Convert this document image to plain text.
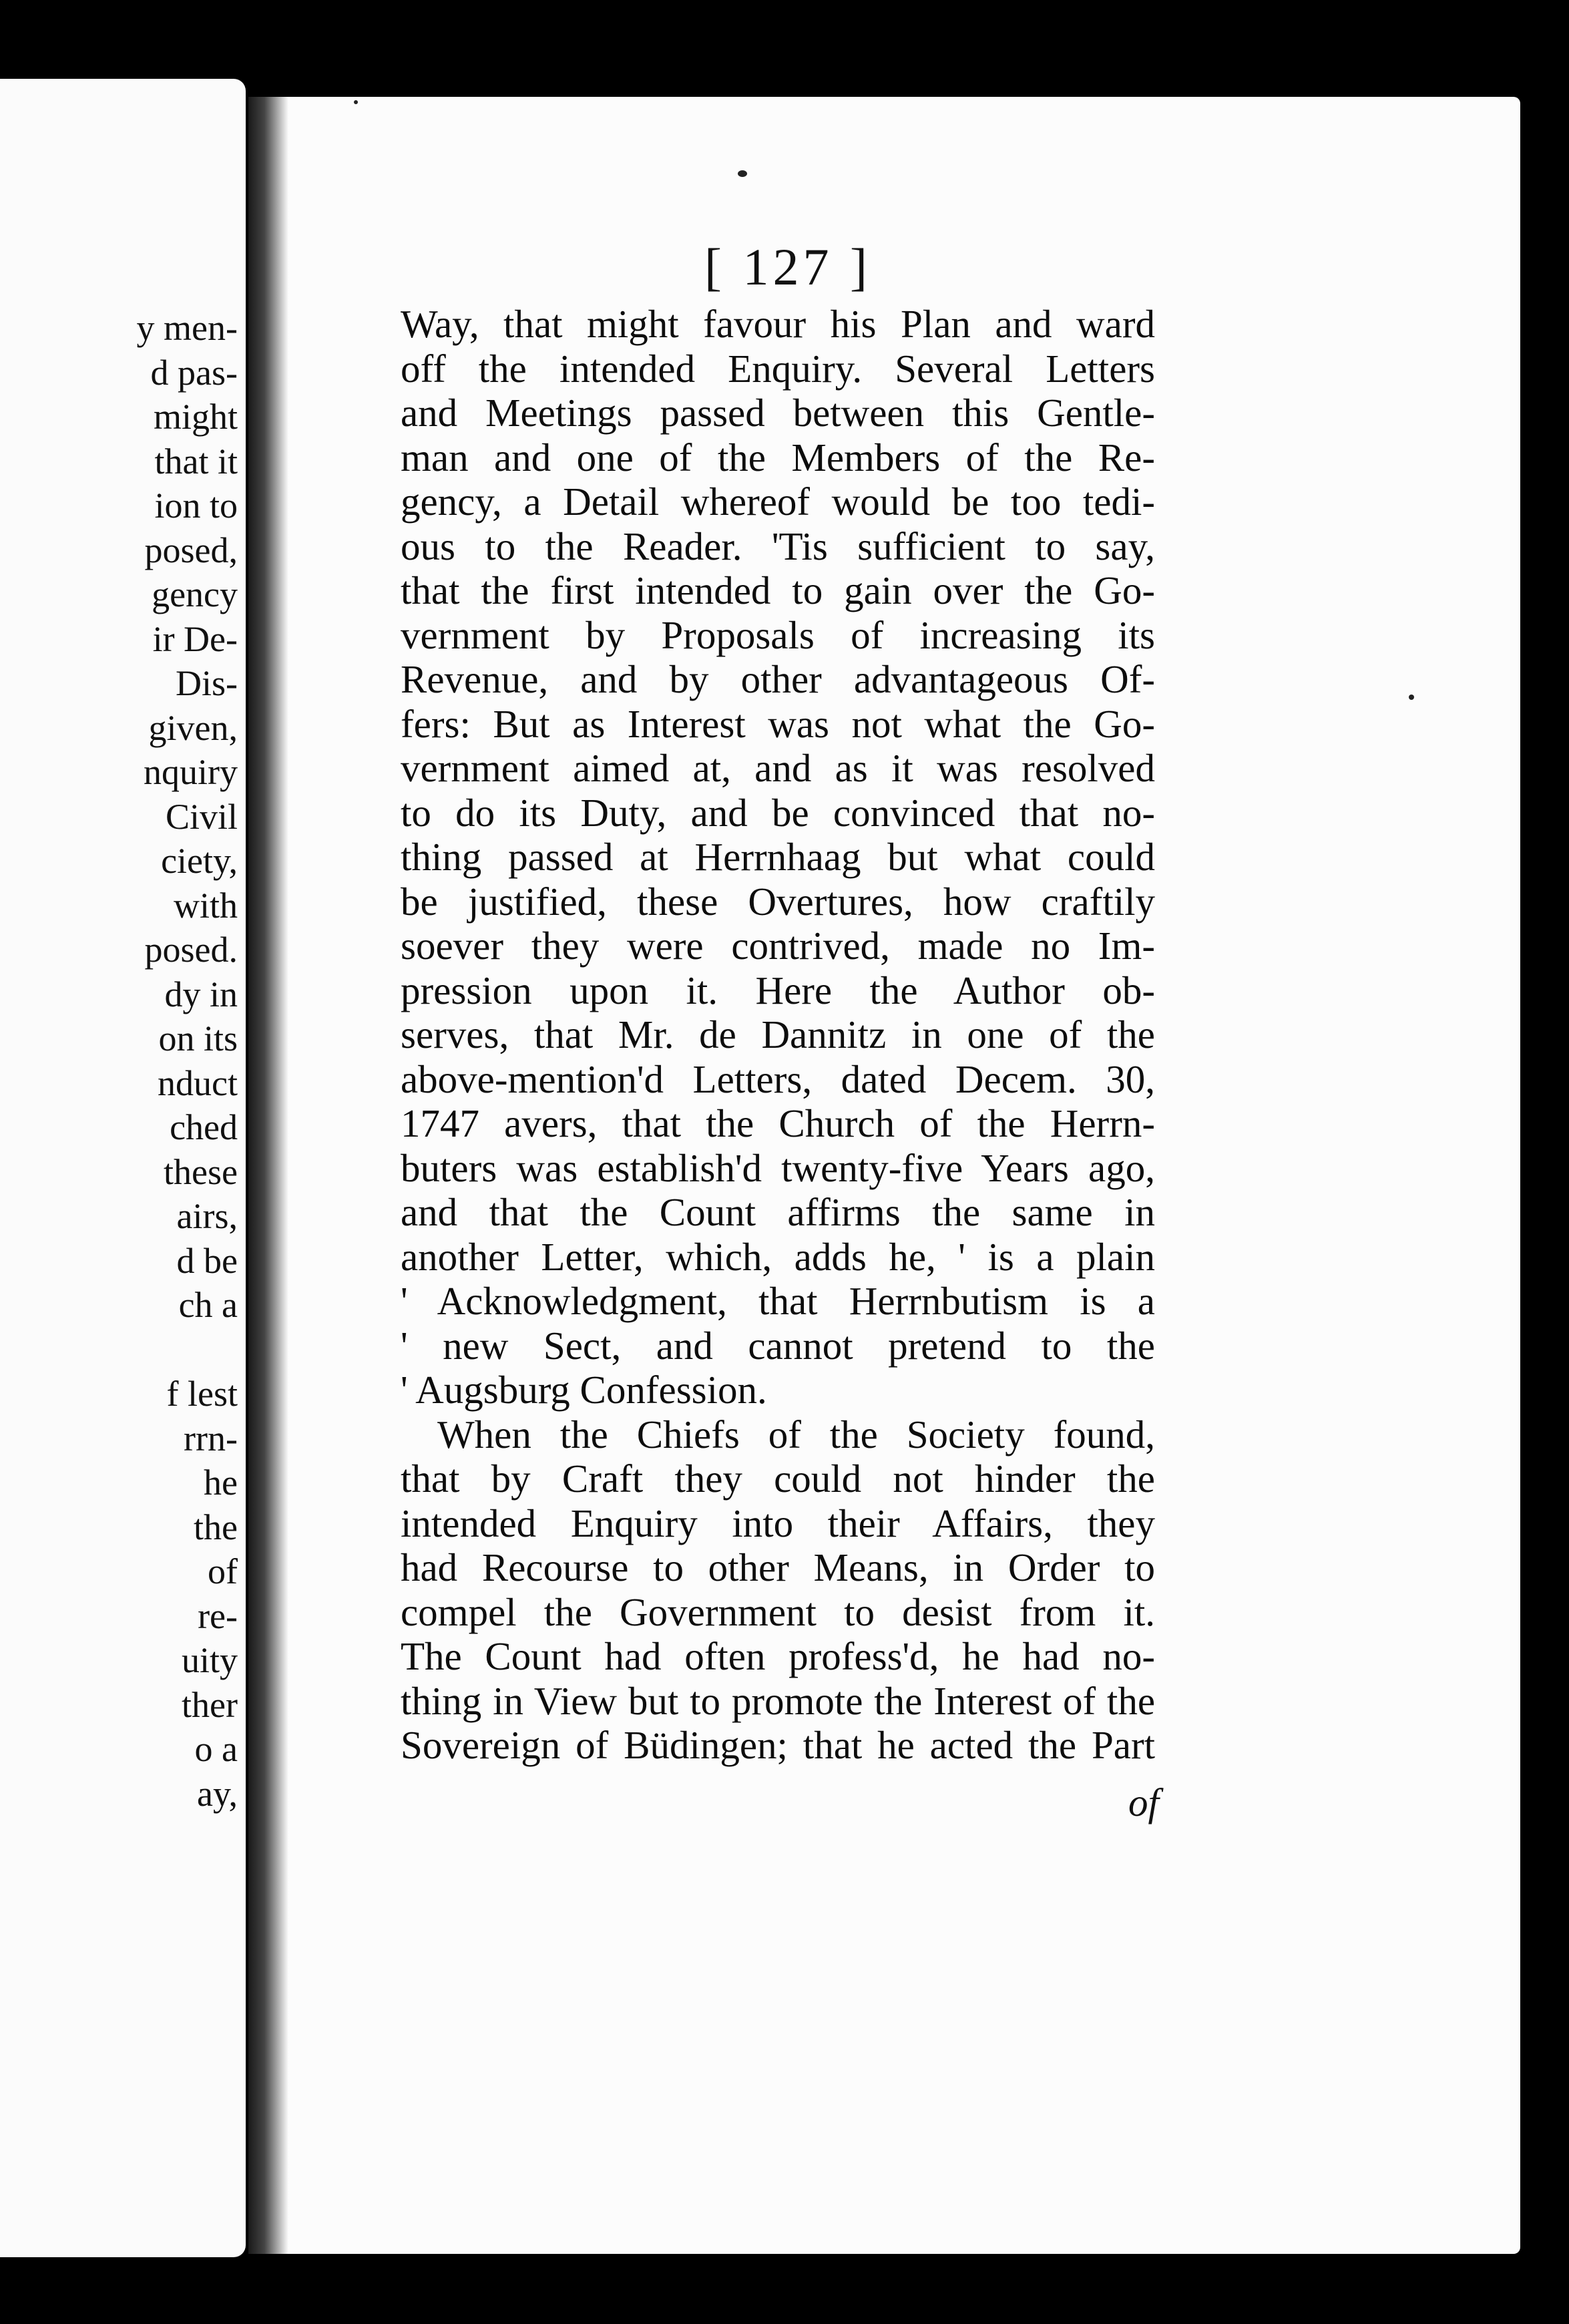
y men-
d pas-
might
that it
ion to
posed,
gency
ir De-
Dis-
given,
nquiry
Civil
ciety,
with
posed.
dy in
on its
nduct
ched
these
airs,
d be
ch a
f lest
rrn-
he
the
of
re-
uity
ther
o a
ay,
[ 127 ]
Way, that might favour his Plan and ward
off the intended Enquiry. Several Letters
and Meetings passed between this Gentle-
man and one of the Members of the Re-
gency, a Detail whereof would be too tedi-
ous to the Reader. 'Tis sufficient to say,
that the first intended to gain over the Go-
vernment by Proposals of increasing its
Revenue, and by other advantageous Of-
fers: But as Interest was not what the Go-
vernment aimed at, and as it was resolved
to do its Duty, and be convinced that no-
thing passed at Herrnhaag but what could
be justified, these Overtures, how craftily
soever they were contrived, made no Im-
pression upon it. Here the Author ob-
serves, that Mr. de Dannitz in one of the
above-mention'd Letters, dated Decem. 30,
1747 avers, that the Church of the Herrn-
buters was establish'd twenty-five Years ago,
and that the Count affirms the same in
another Letter, which, adds he, ' is a plain
' Acknowledgment, that Herrnbutism is a
' new Sect, and cannot pretend to the
' Augsburg Confession.
When the Chiefs of the Society found,
that by Craft they could not hinder the
intended Enquiry into their Affairs, they
had Recourse to other Means, in Order to
compel the Government to desist from it.
The Count had often profess'd, he had no-
thing in View but to promote the Interest of the
Sovereign of Büdingen; that he acted the Part
of
